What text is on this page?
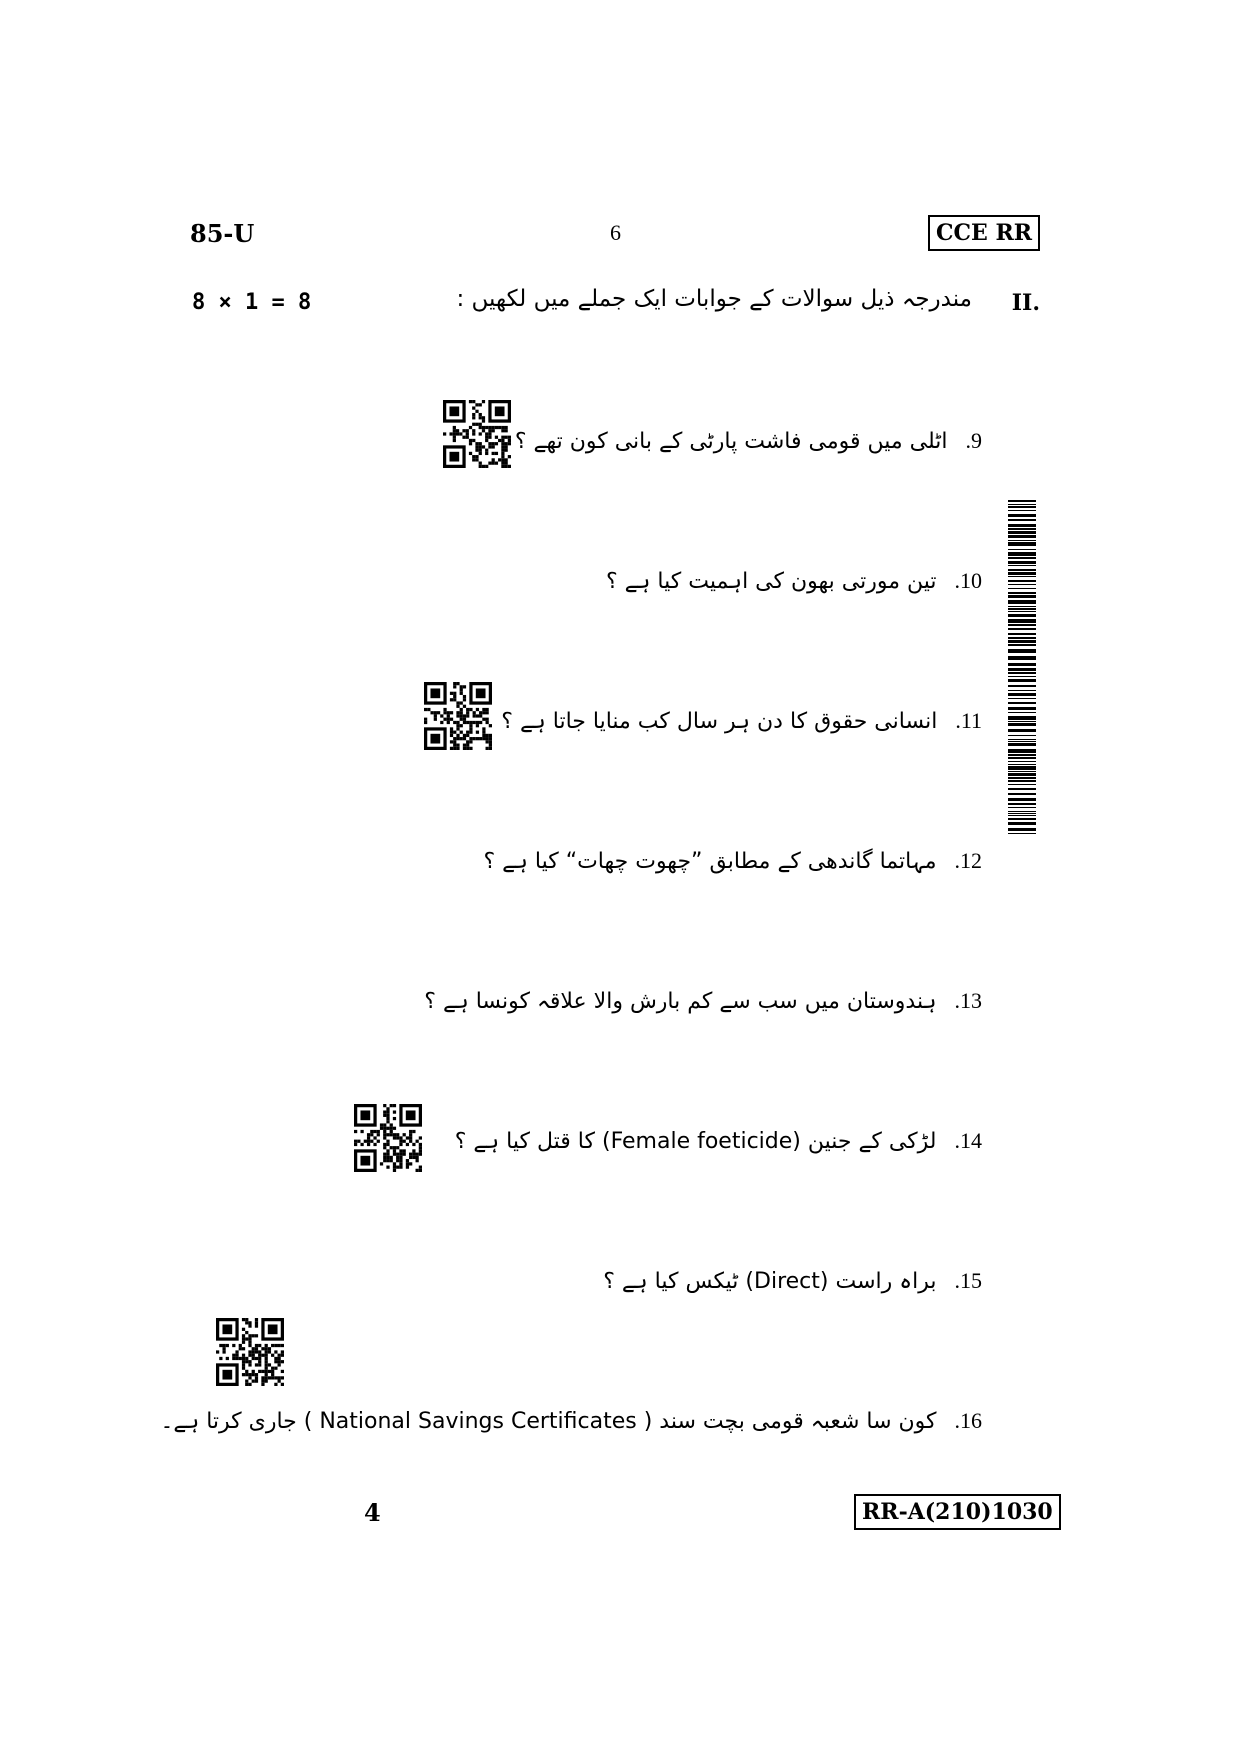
85-U	6	CCE RR
II.
مندرجہ ذیل سوالات کے جوابات ایک جملے میں لکھیں :
8 × 1 = 8
9.اٹلی میں قومی فاشت پارٹی کے بانی کون تھے ؟
10.تین مورتی بھون کی اہمیت کیا ہے ؟
11.انسانی حقوق کا دن ہر سال کب منایا جاتا ہے ؟
12.مہاتما گاندھی کے مطابق ”چھوت چھات“ کیا ہے ؟
13.ہندوستان میں سب سے کم بارش والا علاقہ کونسا ہے ؟
14.لڑکی کے جنین (Female foeticide) کا قتل کیا ہے ؟
15.براہ راست (Direct) ٹیکس کیا ہے ؟
16.کون سا شعبہ قومی بچت سند ( National Savings Certificates ) جاری کرتا ہے۔
4	RR-A(210)1030
